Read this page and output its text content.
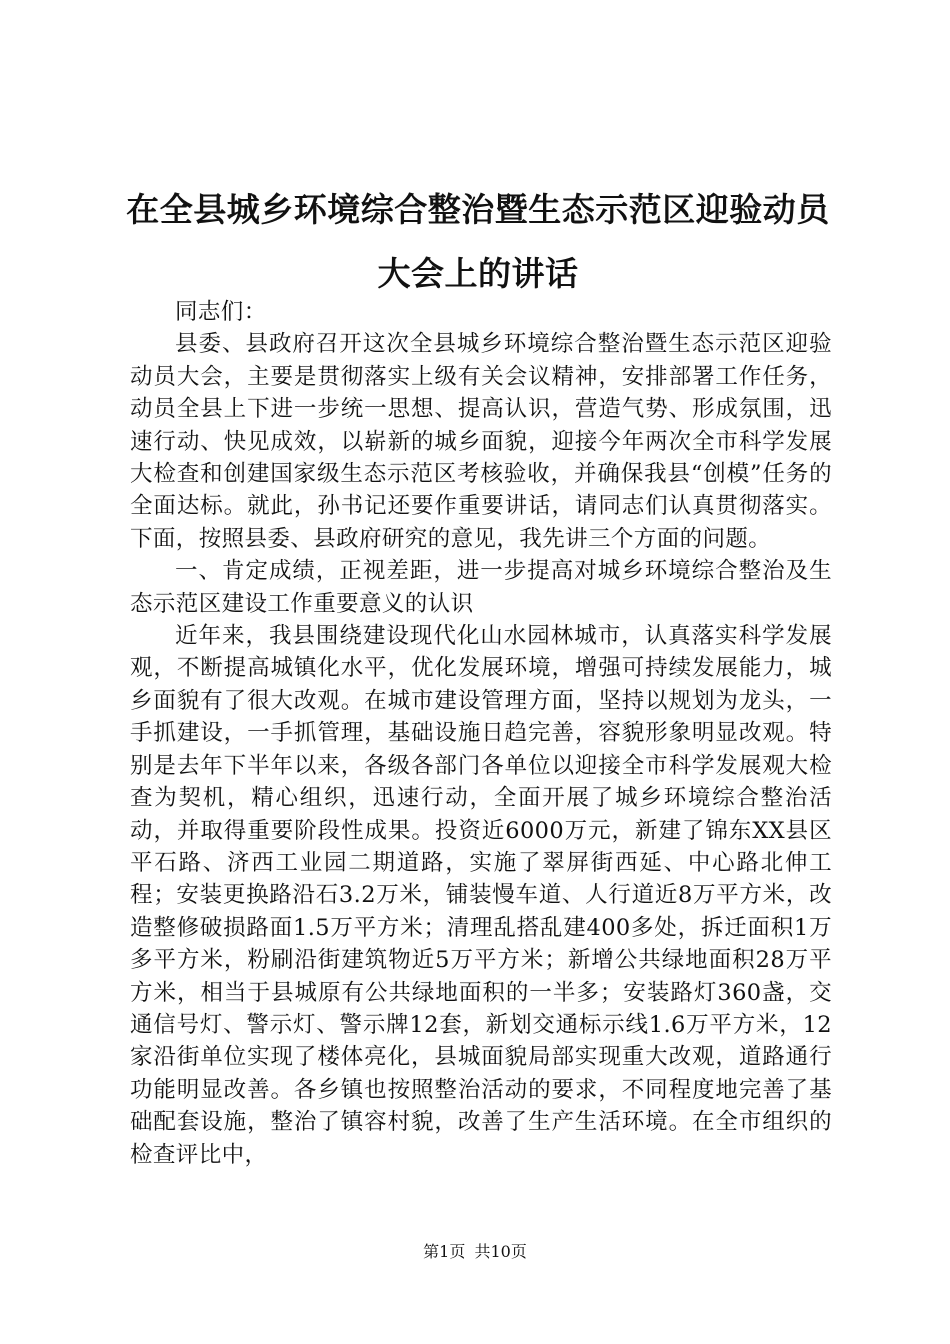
在全县城乡环境综合整治暨生态示范区迎验动员大会上的讲话

同志们：

县委、县政府召开这次全县城乡环境综合整治暨生态示范区迎验动员大会，主要是贯彻落实上级有关会议精神，安排部署工作任务，动员全县上下进一步统一思想、提高认识，营造气势、形成氛围，迅速行动、快见成效，以崭新的城乡面貌，迎接今年两次全市科学发展大检查和创建国家级生态示范区考核验收，并确保我县“创模”任务的全面达标。就此，孙书记还要作重要讲话，请同志们认真贯彻落实。下面，按照县委、县政府研究的意见，我先讲三个方面的问题。

一、肯定成绩，正视差距，进一步提高对城乡环境综合整治及生态示范区建设工作重要意义的认识

近年来，我县围绕建设现代化山水园林城市，认真落实科学发展观，不断提高城镇化水平，优化发展环境，增强可持续发展能力，城乡面貌有了很大改观。在城市建设管理方面，坚持以规划为龙头，一手抓建设，一手抓管理，基础设施日趋完善，容貌形象明显改观。特别是去年下半年以来，各级各部门各单位以迎接全市科学发展观大检查为契机，精心组织，迅速行动，全面开展了城乡环境综合整治活动，并取得重要阶段性成果。投资近6000万元，新建了锦东XX县区平石路、济西工业园二期道路，实施了翠屏街西延、中心路北伸工程；安装更换路沿石3.2万米，铺装慢车道、人行道近8万平方米，改造整修破损路面1.5万平方米；清理乱搭乱建400多处，拆迁面积1万多平方米，粉刷沿街建筑物近5万平方米；新增公共绿地面积28万平方米，相当于县城原有公共绿地面积的一半多；安装路灯360盏，交通信号灯、警示灯、警示牌12套，新划交通标示线1.6万平方米，12家沿街单位实现了楼体亮化，县城面貌局部实现重大改观，道路通行功能明显改善。各乡镇也按照整治活动的要求，不同程度地完善了基础配套设施，整治了镇容村貌，改善了生产生活环境。在全市组织的检查评比中，

第1页 共10页
